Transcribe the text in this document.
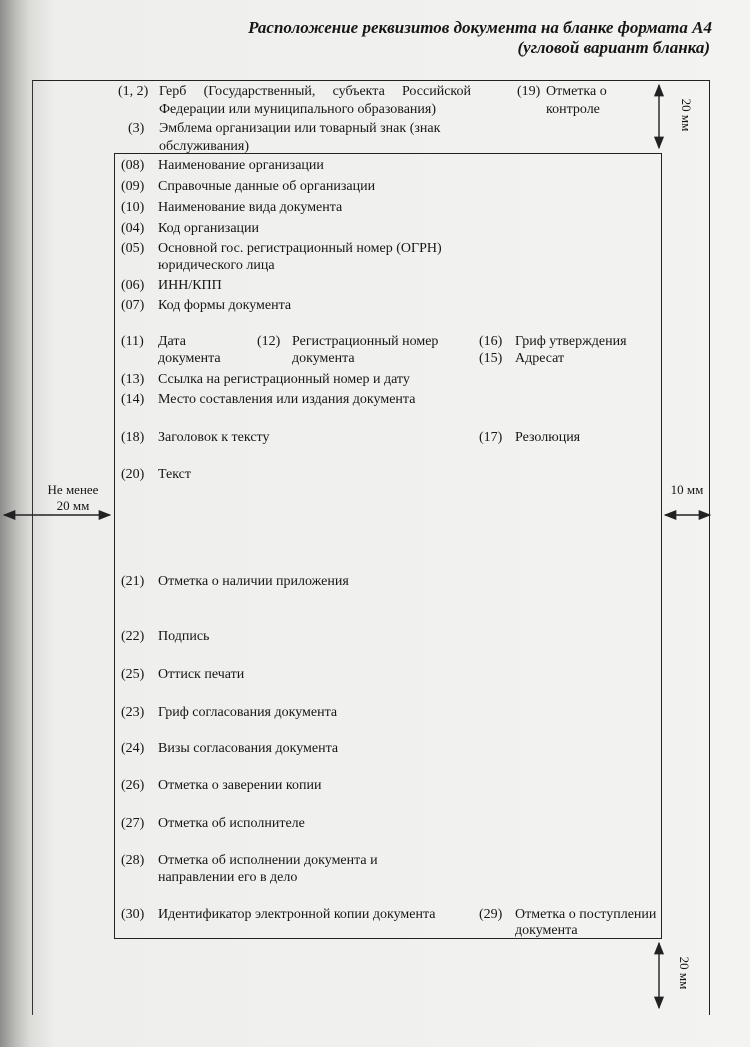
Расположение реквизитов документа на бланке формата А4
(угловой вариант бланка)
(1, 2) Герб (Государственный, субъекта Российской Федерации или муниципального образования)
(3) Эмблема организации или товарный знак (знак обслуживания)
(19) Отметка о
контроле
(08) Наименование организации
(09) Справочные данные об организации
(10) Наименование вида документа
(04) Код организации
(05) Основной гос. регистрационный номер (ОГРН)
юридического лица
(06) ИНН/КПП
(07) Код формы документа
(11) Дата
документа
(12) Регистрационный номер
документа
(16) Гриф утверждения
(15) Адресат
(13) Ссылка на регистрационный номер и дату
(14) Место составления или издания документа
(18) Заголовок к тексту	(17) Резолюция
(20) Текст
(21) Отметка о наличии приложения
(22) Подпись
(25) Оттиск печати
(23) Гриф согласования документа
(24) Визы согласования документа
(26) Отметка о заверении копии
(27) Отметка об исполнителе
(28) Отметка об исполнении документа и
направлении его в дело
(30) Идентификатор электронной копии документа	(29) Отметка о поступлении
документа
20 мм
Не менее
20 мм
10 мм
20 мм
